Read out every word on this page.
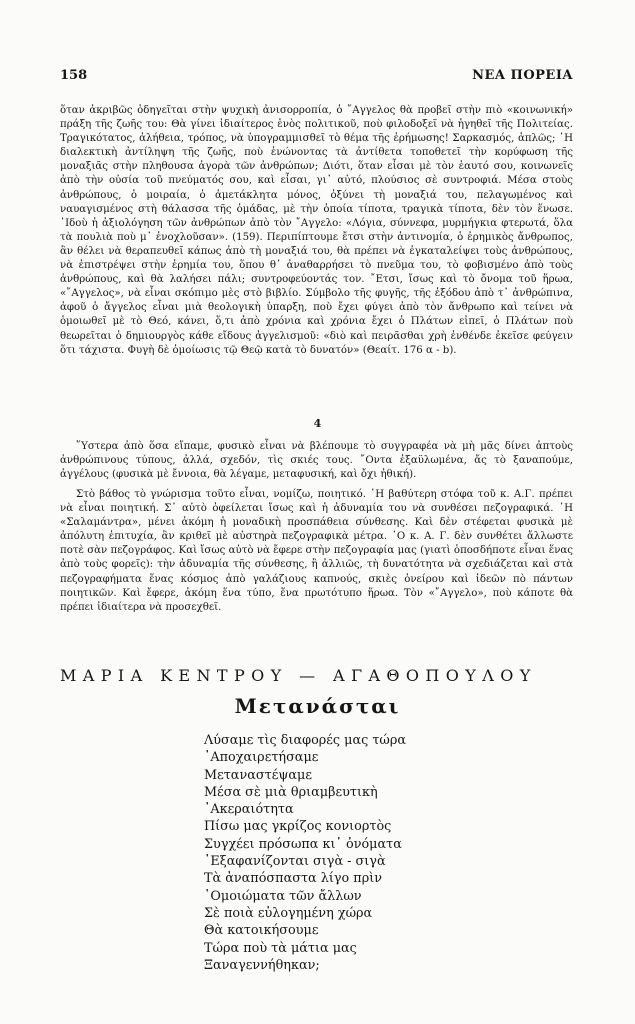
158	ΝΕΑ ΠΟΡΕΙΑ

ὅταν ἀκριβῶς ὁδηγεῖται στὴν ψυχικὴ ἀνισορροπία, ὁ ῎Αγγελος θὰ προβεῖ στὴν πιὸ «κοινωνική» πράξη τῆς ζωῆς του: Θὰ γίνει ἰδιαίτερος ἑνὸς πολιτικοῦ, ποὺ φιλοδοξεῖ νὰ ἡγηθεῖ τῆς Πολιτείας. Τραγικότατος, ἀλήθεια, τρόπος, νὰ ὑπογραμμισθεῖ τὸ θέμα τῆς ἐρήμωσης! Σαρκασμός, ἁπλῶς; ῾Η διαλεκτικὴ ἀντίληψη τῆς ζωῆς, ποὺ ἑνώνοντας τὰ ἀντίθετα τοποθετεῖ τὴν κορύφωση τῆς μοναξιᾶς στὴν πληθουσα ἀγορὰ τῶν ἀνθρώπων; Διότι, ὅταν εἶσαι μὲ τὸν ἑαυτό σου, κοινωνεῖς ἀπὸ τὴν οὐσία τοῦ πνεύματός σου, καὶ εἶσαι, γι᾿ αὐτό, πλούσιος σὲ συντροφιά. Μέσα στοὺς ἀνθρώπους, ὁ μοιραία, ὁ ἀμετάκλητα μόνος, ὀξύνει τὴ μοναξιά του, πελαγωμένος καὶ ναυαγισμένος στὴ θάλασσα τῆς ὁμάδας, μὲ τὴν ὁποία τίποτα, τραγικὰ τίποτα, δὲν τὸν ἕνωσε. ᾿Ιδοὺ ἡ ἀξιολόγηση τῶν ἀνθρώπων ἀπὸ τὸν ῎Αγγελο: «Λόγια, σύννεφα, μυρμήγκια φτερωτά, ὅλα τὰ πουλιὰ ποὺ μ᾿ ἐνοχλοῦσαν». (159). Περιπίπτουμε ἔτσι στὴν ἀντινομία, ὁ ἐρημικὸς ἄνθρωπος, ἂν θέλει νὰ θεραπευθεῖ κάπως ἀπὸ τὴ μοναξιά του, θὰ πρέπει νὰ ἐγκαταλείψει τοὺς ἀνθρώπους, νὰ ἐπιστρέψει στὴν ἐρημία του, ὅπου θ᾿ ἀναθαρρήσει τὸ πνεῦμα του, τὸ φοβισμένο ἀπὸ τοὺς ἀνθρώπους, καὶ θὰ λαλήσει πάλι; συντροφεύοντάς τον. ῎Ετσι, ἴσως καὶ τὸ ὄνομα τοῦ ἥρωα, «῎Αγγελος», νὰ εἶναι σκόπιμο μὲς στὸ βιβλίο. Σύμβολο τῆς φυγῆς, τῆς ἐξόδου ἀπὸ τ᾿ ἀνθρώπινα, ἀφοῦ ὁ ἄγγελος εἶναι μιὰ θεολογικὴ ὑπαρξη, ποὺ ἔχει φύγει ἀπὸ τὸν ἄνθρωπο καὶ τείνει νὰ ὁμοιωθεῖ μὲ τὸ Θεό, κάνει, ὅ,τι ἀπὸ χρόνια καὶ χρόνια ἔχει ὁ Πλάτων εἰπεῖ, ὁ Πλάτων ποὺ θεωρεῖται ὁ δημιουργὸς κάθε εἴδους ἀγγελισμοῦ: «διὸ καὶ πειρᾶσθαι χρὴ ἐνθένδε ἐκεῖσε φεύγειν ὅτι τάχιστα. Φυγὴ δὲ ὁμοίωσις τῷ Θεῷ κατὰ τὸ δυνατόν» (Θεαίτ. 176 α - b).

4

῞Υστερα ἀπὸ ὅσα εἴπαμε, φυσικὸ εἶναι νὰ βλέπουμε τὸ συγγραφέα νὰ μὴ μᾶς δίνει ἀπτοὺς ἀνθρώπινους τύπους, ἀλλά, σχεδόν, τὶς σκιές τους. ῎Οντα ἐξαϋλωμένα, ἄς τὸ ξαναπούμε, ἀγγέλους (φυσικὰ μὲ ἔννοια, θὰ λέγαμε, μεταφυσική, καὶ ὄχι ἠθική).

Στὸ βάθος τὸ γνώρισμα τοῦτο εἶναι, νομίζω, ποιητικό. ῾Η βαθύτερη στόφα τοῦ κ. Α.Γ. πρέπει νὰ εἶναι ποιητική. Σ᾿ αὐτὸ ὀφείλεται ἴσως καὶ ἡ ἀδυναμία του νὰ συνθέσει πεζογραφικά. ῾Η «Σαλαμάντρα», μένει ἀκόμη ἡ μοναδικὴ προσπάθεια σύνθεσης. Καὶ δὲν στέφεται φυσικὰ μὲ ἀπόλυτη ἐπιτυχία, ἂν κριθεῖ μὲ αὐστηρὰ πεζογραφικὰ μέτρα. ᾿Ο κ. Α. Γ. δὲν συνθέτει ἄλλωστε ποτὲ σὰν πεζογράφος. Καὶ ἴσως αὐτὸ νὰ ἔφερε στὴν πεζογραφία μας (γιατὶ ὁποσδήποτε εἶναι ἕνας ἀπὸ τοὺς φορεῖς): τὴν ἀδυναμία τῆς σύνθεσης, ἢ ἀλλιῶς, τὴ δυνατότητα νὰ σχεδιάζεται καὶ στὰ πεζογραφήματα ἕνας κόσμος ἀπὸ γαλάζιους καπνούς, σκιὲς ὀνείρου καὶ ἰδεῶν πὸ πάντων ποιητικῶν. Καὶ ἔφερε, ἀκόμη ἕνα τύπο, ἕνα πρωτότυπο ἥρωα. Τὸν «῎Αγγελο», ποὺ κάποτε θὰ πρέπει ἰδιαίτερα νὰ προσεχθεῖ.

ΜΑΡΙΑ ΚΕΝΤΡΟΥ — ΑΓΑΘΟΠΟΥΛΟΥ
Μετανάσται
Λύσαμε τὶς διαφορές μας τώρα
᾿Αποχαιρετήσαμε
Μεταναστέψαμε
Μέσα σὲ μιὰ θριαμβευτικὴ
᾿Ακεραιότητα
Πίσω μας γκρίζος κονιορτὸς
Συγχέει πρόσωπα κι᾿ ὀνόματα
᾿Εξαφανίζονται σιγὰ - σιγὰ
Τὰ ἀναπόσπαστα λίγο πρὶν
῾Ομοιώματα τῶν ἄλλων
Σὲ ποιὰ εὐλογημένη χώρα
Θὰ κατοικήσουμε
Τώρα ποὺ τὰ μάτια μας
Ξαναγεννήθηκαν;
